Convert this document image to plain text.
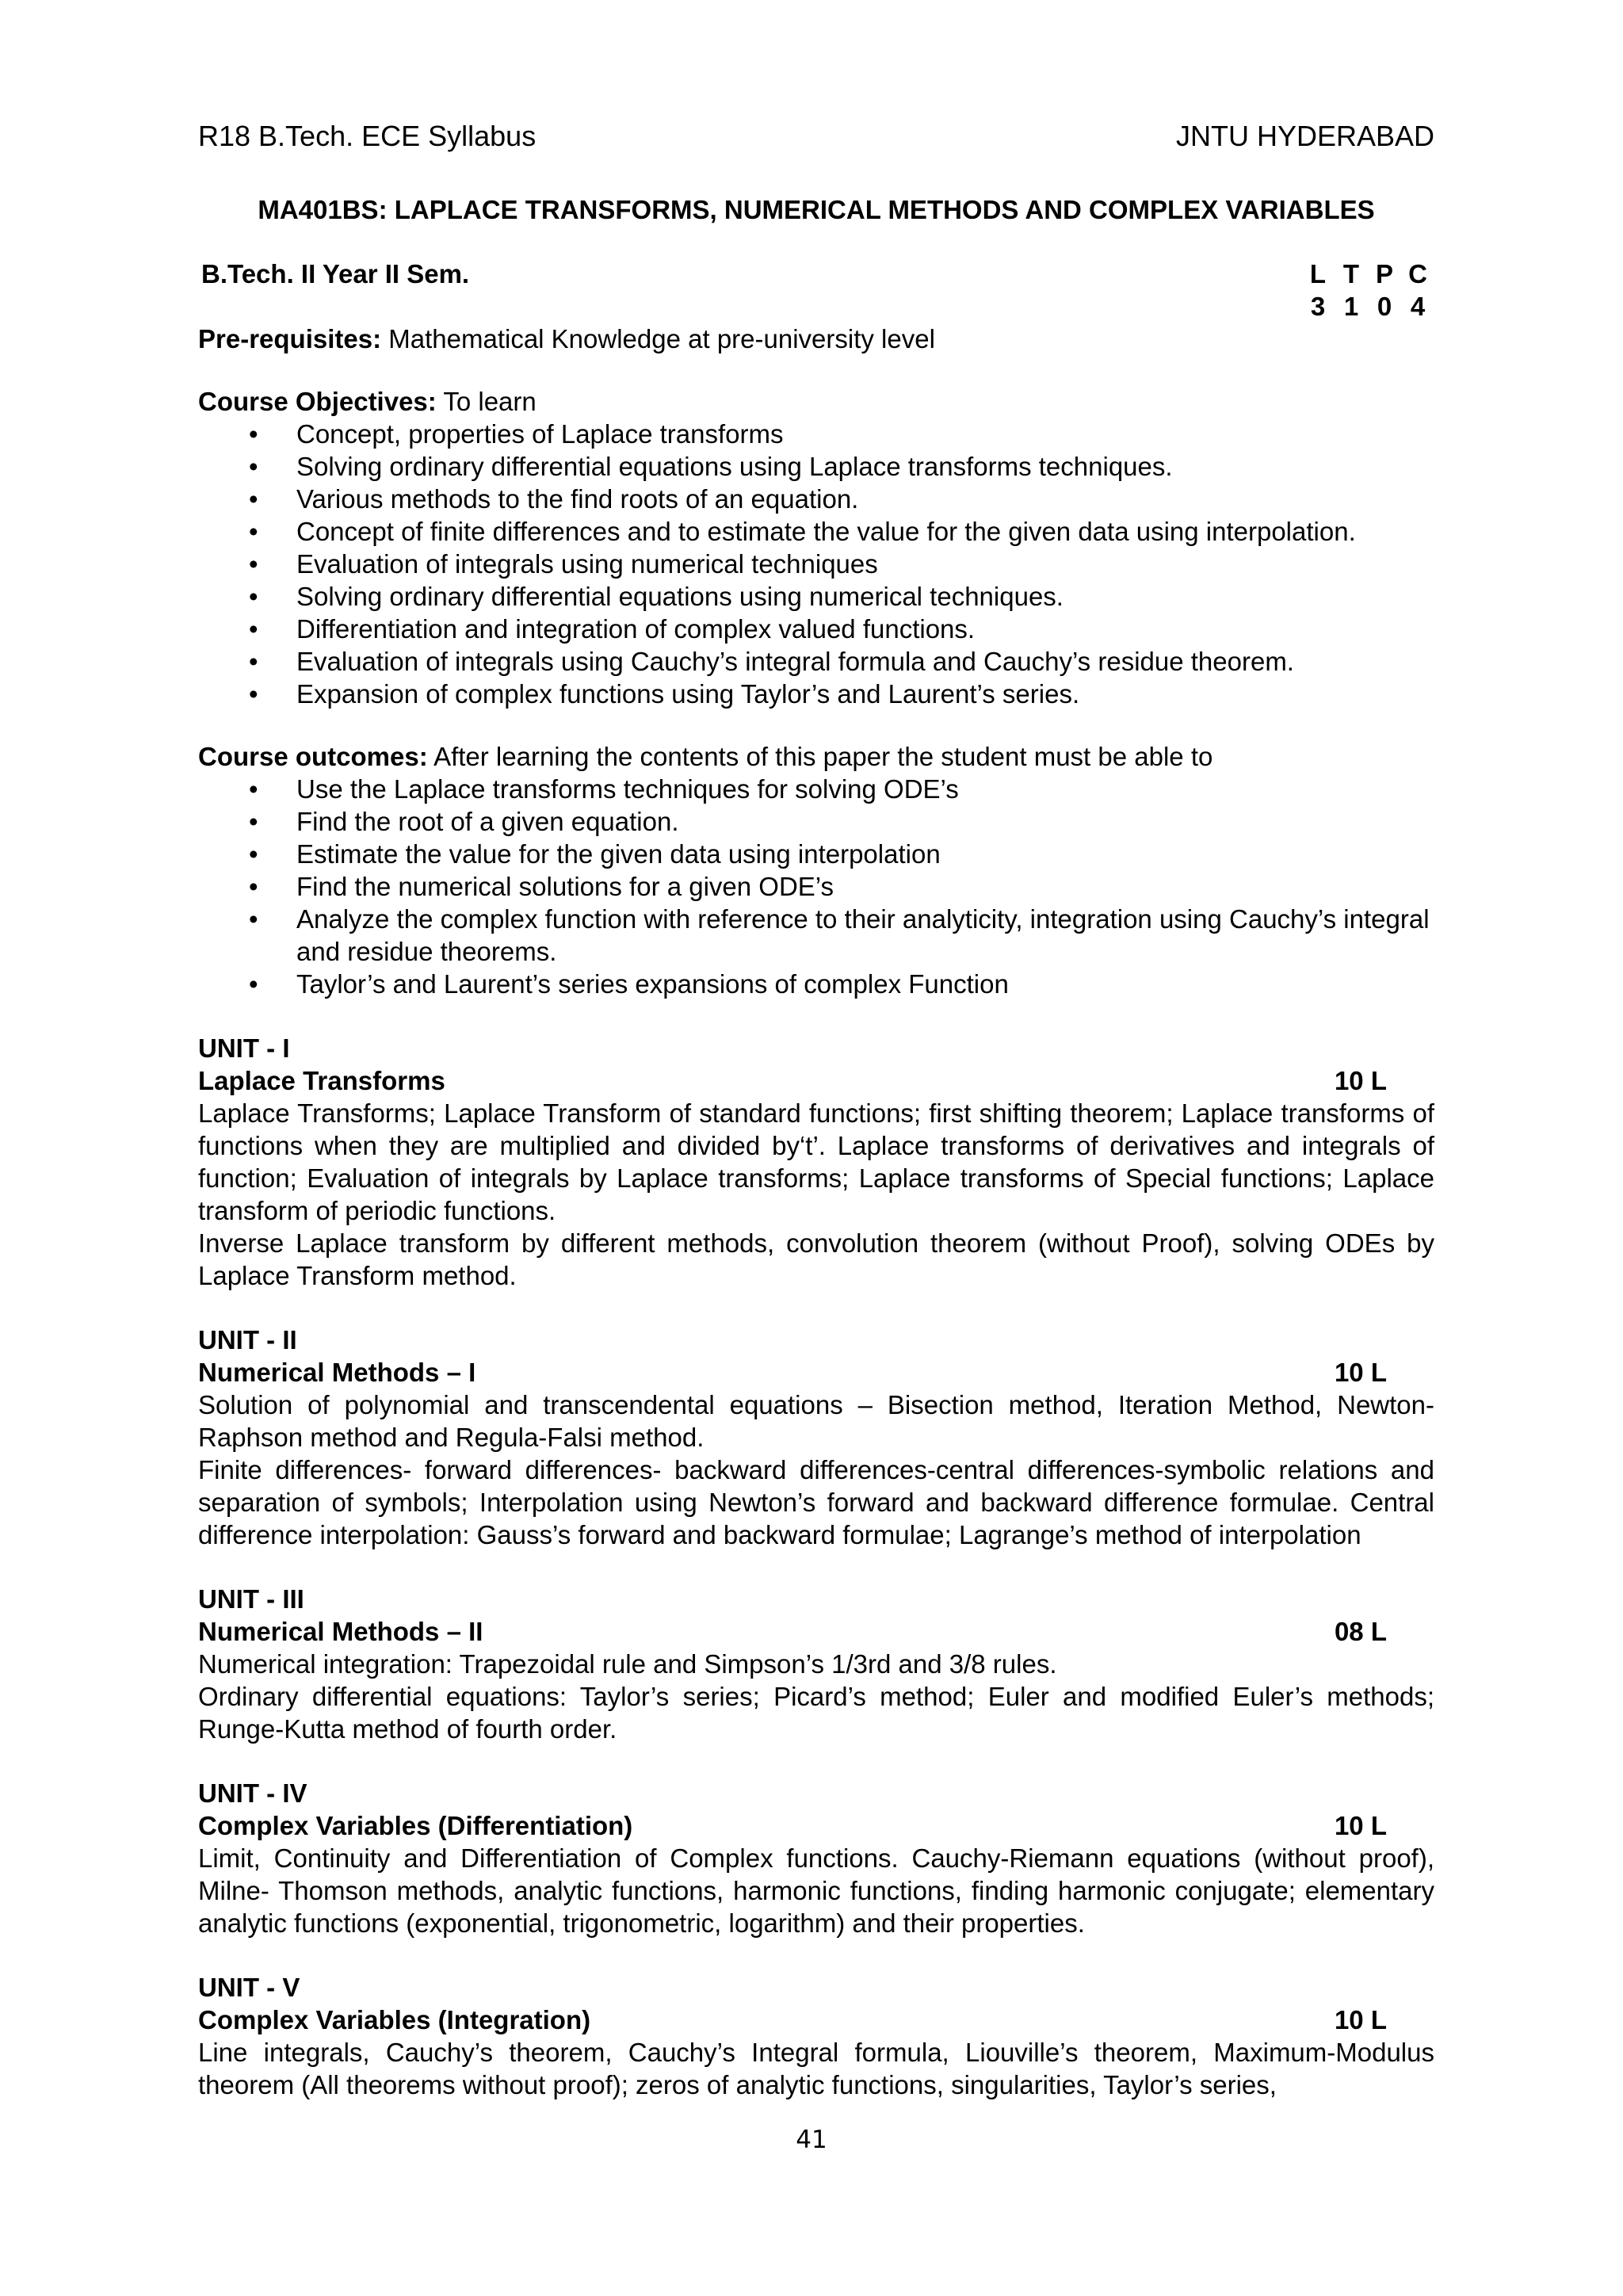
R18 B.Tech. ECE Syllabus	JNTU HYDERABAD
MA401BS: LAPLACE TRANSFORMS, NUMERICAL METHODS AND COMPLEX VARIABLES
B.Tech. II Year II Sem.	L T P C
3 1 0 4
Pre-requisites: Mathematical Knowledge at pre-university level
Course Objectives: To learn
• Concept, properties of Laplace transforms
• Solving ordinary differential equations using Laplace transforms techniques.
• Various methods to the find roots of an equation.
• Concept of finite differences and to estimate the value for the given data using interpolation.
• Evaluation of integrals using numerical techniques
• Solving ordinary differential equations using numerical techniques.
• Differentiation and integration of complex valued functions.
• Evaluation of integrals using Cauchy’s integral formula and Cauchy’s residue theorem.
• Expansion of complex functions using Taylor’s and Laurent’s series.
Course outcomes: After learning the contents of this paper the student must be able to
• Use the Laplace transforms techniques for solving ODE’s
• Find the root of a given equation.
• Estimate the value for the given data using interpolation
• Find the numerical solutions for a given ODE’s
• Analyze the complex function with reference to their analyticity, integration using Cauchy’s integral and residue theorems.
• Taylor’s and Laurent’s series expansions of complex Function
UNIT - I
Laplace Transforms	10 L
Laplace Transforms; Laplace Transform of standard functions; first shifting theorem; Laplace transforms of functions when they are multiplied and divided by‘t’. Laplace transforms of derivatives and integrals of function; Evaluation of integrals by Laplace transforms; Laplace transforms of Special functions; Laplace transform of periodic functions.
Inverse Laplace transform by different methods, convolution theorem (without Proof), solving ODEs by Laplace Transform method.
UNIT - II
Numerical Methods – I	10 L
Solution of polynomial and transcendental equations – Bisection method, Iteration Method, Newton-Raphson method and Regula-Falsi method.
Finite differences- forward differences- backward differences-central differences-symbolic relations and separation of symbols; Interpolation using Newton’s forward and backward difference formulae. Central difference interpolation: Gauss’s forward and backward formulae; Lagrange’s method of interpolation
UNIT - III
Numerical Methods – II	08 L
Numerical integration: Trapezoidal rule and Simpson’s 1/3rd and 3/8 rules.
Ordinary differential equations: Taylor’s series; Picard’s method; Euler and modified Euler’s methods; Runge-Kutta method of fourth order.
UNIT - IV
Complex Variables (Differentiation)	10 L
Limit, Continuity and Differentiation of Complex functions. Cauchy-Riemann equations (without proof), Milne- Thomson methods, analytic functions, harmonic functions, finding harmonic conjugate; elementary analytic functions (exponential, trigonometric, logarithm) and their properties.
UNIT - V
Complex Variables (Integration)	10 L
Line integrals, Cauchy’s theorem, Cauchy’s Integral formula, Liouville’s theorem, Maximum-Modulus theorem (All theorems without proof); zeros of analytic functions, singularities, Taylor’s series,
41
